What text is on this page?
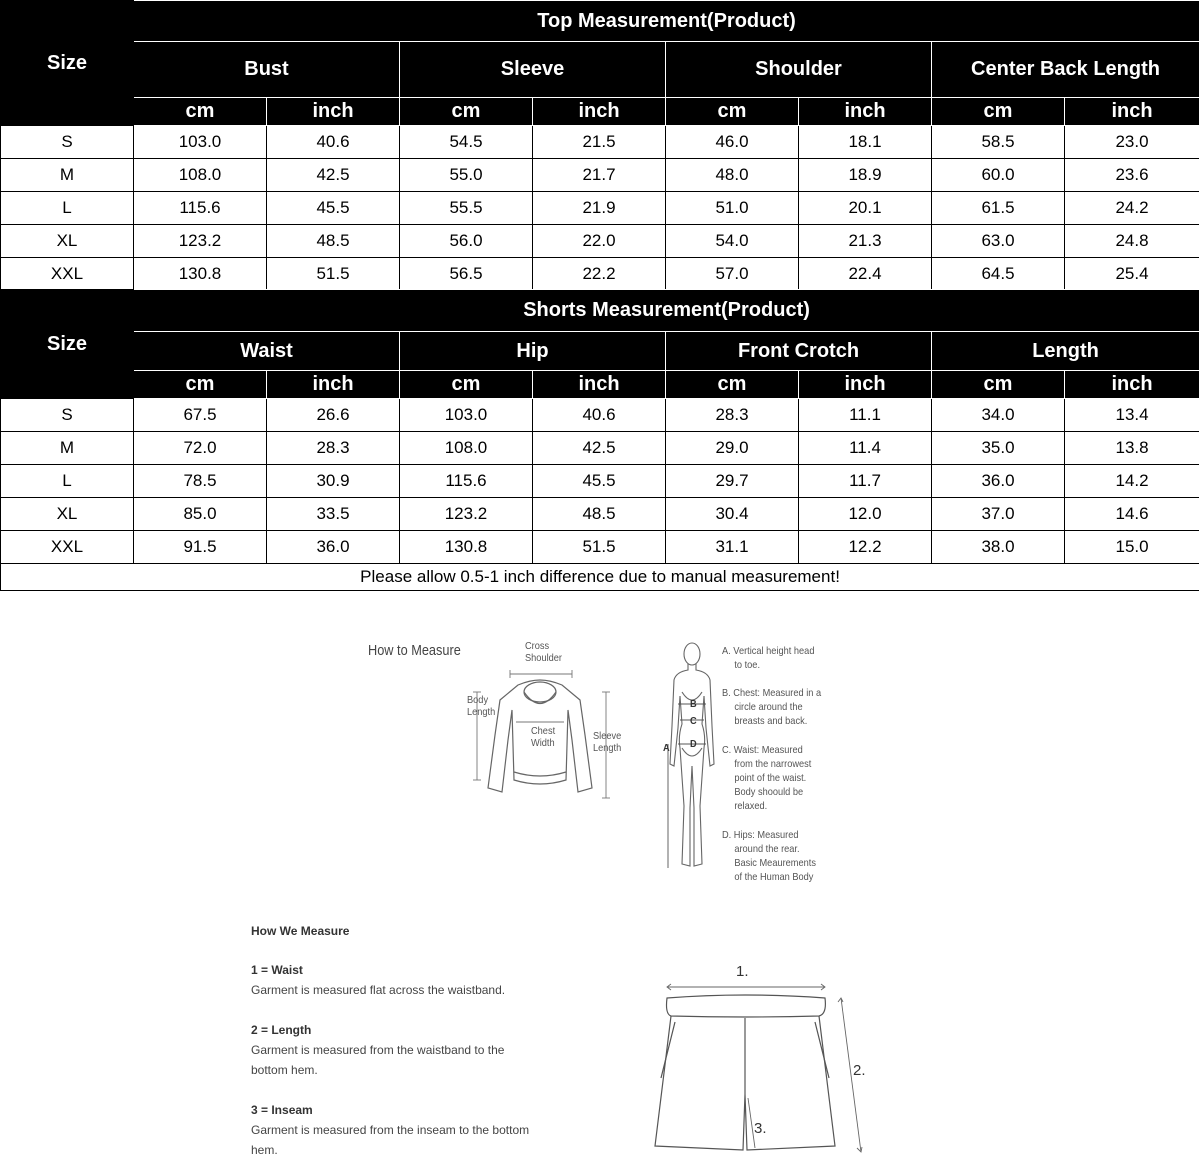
Size	Top Measurement(Product)							
	Bust		Sleeve		Shoulder		Center Back Length	
	cm	inch	cm	inch	cm	inch	cm	inch
S	103.0	40.6	54.5	21.5	46.0	18.1	58.5	23.0
M	108.0	42.5	55.0	21.7	48.0	18.9	60.0	23.6
L	115.6	45.5	55.5	21.9	51.0	20.1	61.5	24.2
XL	123.2	48.5	56.0	22.0	54.0	21.3	63.0	24.8
XXL	130.8	51.5	56.5	22.2	57.0	22.4	64.5	25.4
Size	Shorts Measurement(Product)							
	Waist		Hip		Front Crotch		Length	
	cm	inch	cm	inch	cm	inch	cm	inch
S	67.5	26.6	103.0	40.6	28.3	11.1	34.0	13.4
M	72.0	28.3	108.0	42.5	29.0	11.4	35.0	13.8
L	78.5	30.9	115.6	45.5	29.7	11.7	36.0	14.2
XL	85.0	33.5	123.2	48.5	30.4	12.0	37.0	14.6
XXL	91.5	36.0	130.8	51.5	31.1	12.2	38.0	15.0
Please allow 0.5-1 inch difference due to manual measurement!								
How to Measure	Cross
Shoulder
Body
Length
Chest
Width
Sleeve
Length	A
B
C
D
A. Vertical height head
to toe.
B. Chest: Measured in a
circle around the
breasts and back.
C. Waist: Measured
from the narrowest
point of the waist.
Body shoould be
relaxed.
D. Hips: Measured
around the rear.
Basic Meaurements
of the Human Body
How We Measure
1 = Waist
Garment is measured flat across the waistband.
2 = Length
Garment is measured from the waistband to the bottom hem.
3 = Inseam
Garment is measured from the inseam to the bottom hem.
1.
2.
3.
